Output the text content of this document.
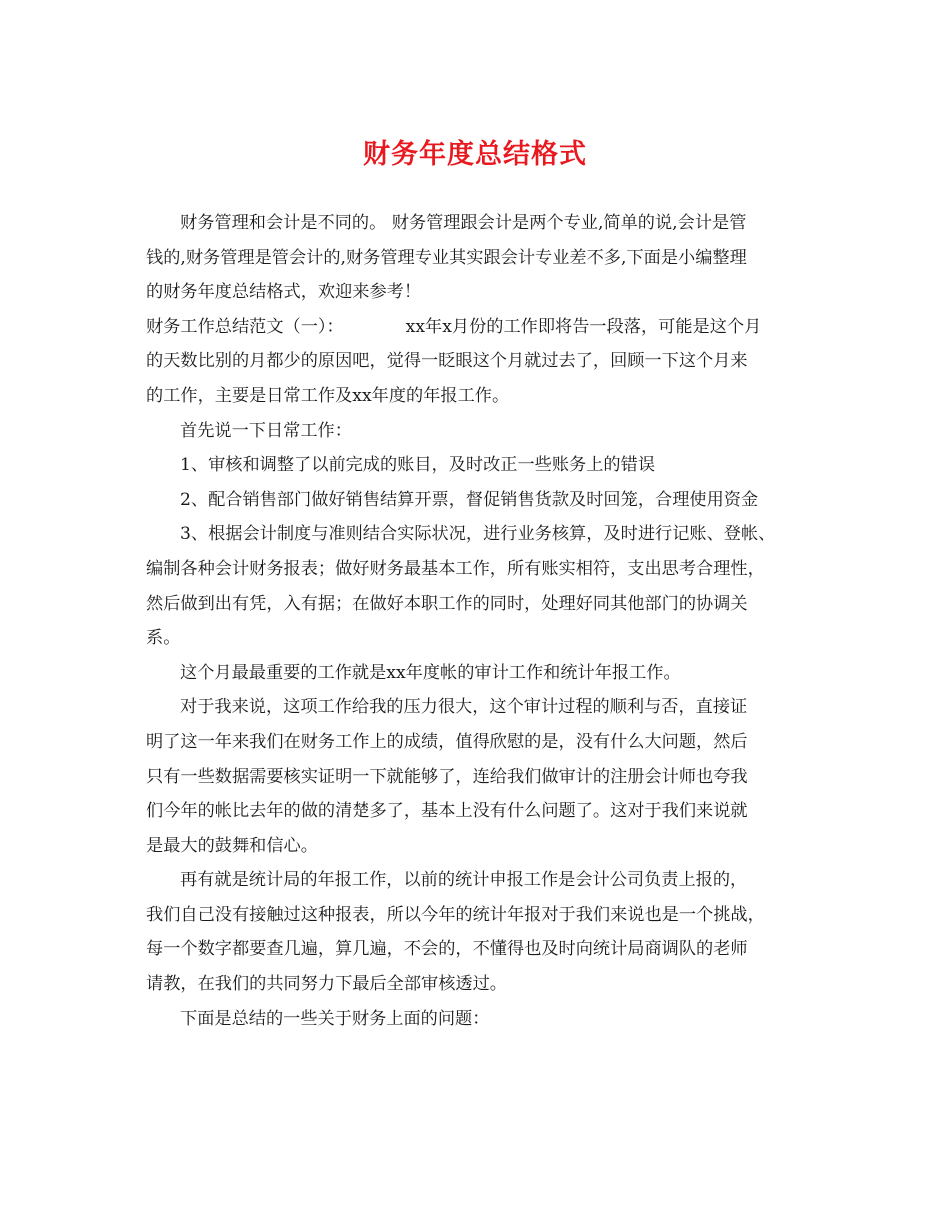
财务年度总结格式

财务管理和会计是不同的。 财务管理跟会计是两个专业,简单的说,会计是管
钱的,财务管理是管会计的,财务管理专业其实跟会计专业差不多,下面是小编整理
的财务年度总结格式，欢迎来参考！

财务工作总结范文（一）：	xx年x月份的工作即将告一段落，可能是这个月
的天数比别的月都少的原因吧，觉得一眨眼这个月就过去了，回顾一下这个月来
的工作，主要是日常工作及xx年度的年报工作。

首先说一下日常工作：

1、审核和调整了以前完成的账目，及时改正一些账务上的错误

2、配合销售部门做好销售结算开票，督促销售货款及时回笼，合理使用资金

3、根据会计制度与准则结合实际状况，进行业务核算，及时进行记账、登帐、
编制各种会计财务报表；做好财务最基本工作，所有账实相符，支出思考合理性，
然后做到出有凭，入有据；在做好本职工作的同时，处理好同其他部门的协调关
系。

这个月最最重要的工作就是xx年度帐的审计工作和统计年报工作。

对于我来说，这项工作给我的压力很大，这个审计过程的顺利与否，直接证
明了这一年来我们在财务工作上的成绩，值得欣慰的是，没有什么大问题，然后
只有一些数据需要核实证明一下就能够了，连给我们做审计的注册会计师也夸我
们今年的帐比去年的做的清楚多了，基本上没有什么问题了。这对于我们来说就
是最大的鼓舞和信心。

再有就是统计局的年报工作，以前的统计申报工作是会计公司负责上报的，
我们自己没有接触过这种报表，所以今年的统计年报对于我们来说也是一个挑战，
每一个数字都要查几遍，算几遍，不会的，不懂得也及时向统计局商调队的老师
请教，在我们的共同努力下最后全部审核透过。

下面是总结的一些关于财务上面的问题：
